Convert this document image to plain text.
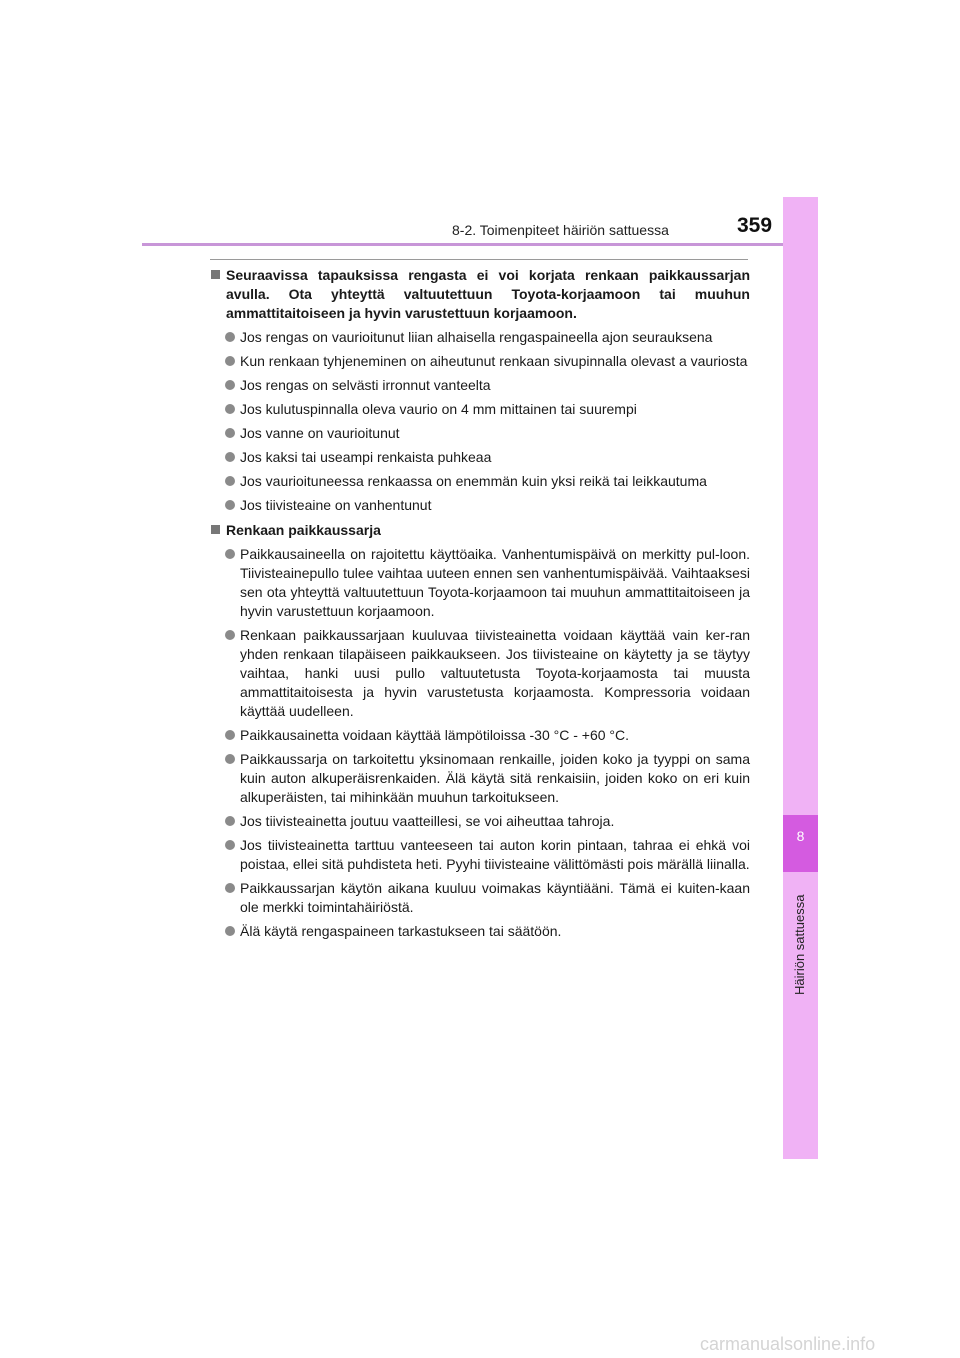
8-2. Toimenpiteet häiriön sattuessa	359
8
Häiriön sattuessa
Seuraavissa tapauksissa rengasta ei voi korjata renkaan paikkaussarjan avulla. Ota yhteyttä valtuutettuun Toyota-korjaamoon tai muuhun ammattitaitoiseen ja hyvin varustettuun korjaamoon.
Jos rengas on vaurioitunut liian alhaisella rengaspaineella ajon seurauksena
Kun renkaan tyhjeneminen on aiheutunut renkaan sivupinnalla olevast a vauriosta
Jos rengas on selvästi irronnut vanteelta
Jos kulutuspinnalla oleva vaurio on 4 mm mittainen tai suurempi
Jos vanne on vaurioitunut
Jos kaksi tai useampi renkaista puhkeaa
Jos vaurioituneessa renkaassa on enemmän kuin yksi reikä tai leikkautuma
Jos tiivisteaine on vanhentunut
Renkaan paikkaussarja
Paikkausaineella on rajoitettu käyttöaika. Vanhentumispäivä on merkitty pul-loon. Tiivisteainepullo tulee vaihtaa uuteen ennen sen vanhentumispäivää. Vaihtaaksesi sen ota yhteyttä valtuutettuun Toyota-korjaamoon tai muuhun ammattitaitoiseen ja hyvin varustettuun korjaamoon.
Renkaan paikkaussarjaan kuuluvaa tiivisteainetta voidaan käyttää vain ker-ran yhden renkaan tilapäiseen paikkaukseen. Jos tiivisteaine on käytetty ja se täytyy vaihtaa, hanki uusi pullo valtuutetusta Toyota-korjaamosta tai muusta ammattitaitoisesta ja hyvin varustetusta korjaamosta. Kompressoria voidaan käyttää uudelleen.
Paikkausainetta voidaan käyttää lämpötiloissa -30 °C - +60 °C.
Paikkaussarja on tarkoitettu yksinomaan renkaille, joiden koko ja tyyppi on sama kuin auton alkuperäisrenkaiden. Älä käytä sitä renkaisiin, joiden koko on eri kuin alkuperäisten, tai mihinkään muuhun tarkoitukseen.
Jos tiivisteainetta joutuu vaatteillesi, se voi aiheuttaa tahroja.
Jos tiivisteainetta tarttuu vanteeseen tai auton korin pintaan, tahraa ei ehkä voi poistaa, ellei sitä puhdisteta heti. Pyyhi tiivisteaine välittömästi pois märällä liinalla.
Paikkaussarjan käytön aikana kuuluu voimakas käyntiääni. Tämä ei kuiten-kaan ole merkki toimintahäiriöstä.
Älä käytä rengaspaineen tarkastukseen tai säätöön.
carmanualsonline.info
